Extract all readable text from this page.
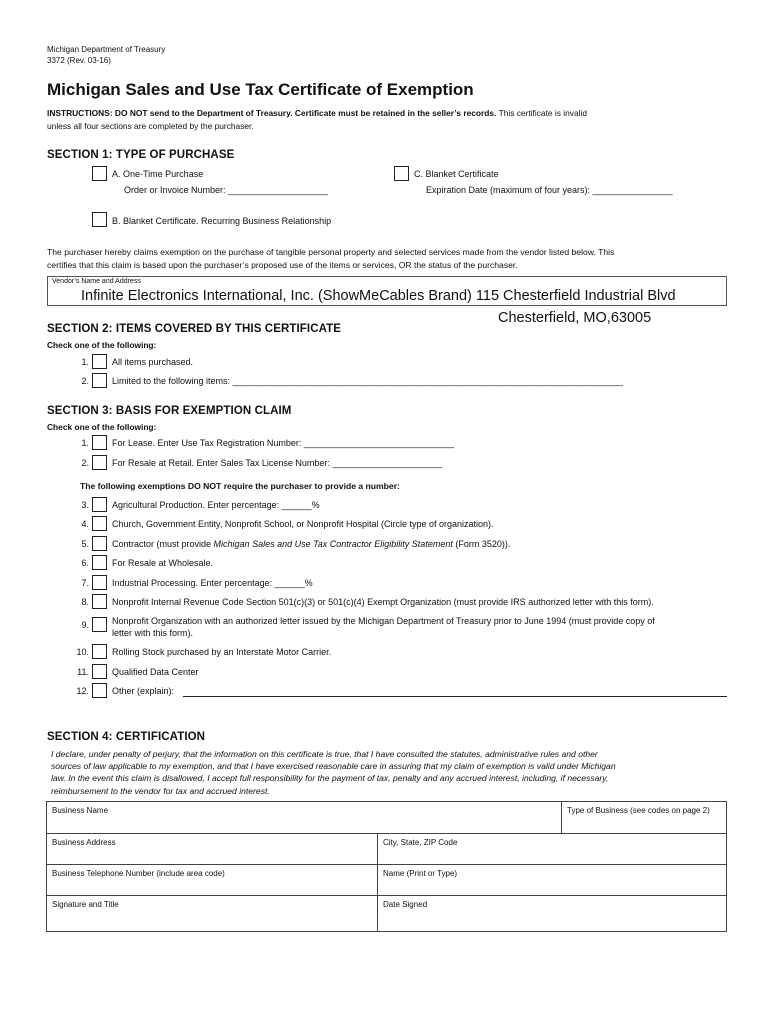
Michigan Department of Treasury
3372 (Rev. 03-16)
Michigan Sales and Use Tax Certificate of Exemption
INSTRUCTIONS: DO NOT send to the Department of Treasury. Certificate must be retained in the seller’s records. This certificate is invalid
unless all four sections are completed by the purchaser.
SECTION 1: TYPE OF PURCHASE
A. One-Time Purchase
Order or Invoice Number: ____________________
C. Blanket Certificate
Expiration Date (maximum of four years): ________________
B. Blanket Certificate. Recurring Business Relationship
The purchaser hereby claims exemption on the purchase of tangible personal property and selected services made from the vendor listed below. This
certifies that this claim is based upon the purchaser’s proposed use of the items or services, OR the status of the purchaser.
Vendor’s Name and Address
Infinite Electronics International, Inc. (ShowMeCables Brand) 115 Chesterfield Industrial Blvd
Chesterfield, MO,63005
SECTION 2: ITEMS COVERED BY THIS CERTIFICATE
Check one of the following:
1.	All items purchased.
2.	Limited to the following items: ______________________________________________________________________________
SECTION 3: BASIS FOR EXEMPTION CLAIM
Check one of the following:
1.	For Lease. Enter Use Tax Registration Number: ______________________________
2.	For Resale at Retail. Enter Sales Tax License Number: ______________________
The following exemptions DO NOT require the purchaser to provide a number:
3.	Agricultural Production. Enter percentage: ______%
4.	Church, Government Entity, Nonprofit School, or Nonprofit Hospital (Circle type of organization).
5.	Contractor (must provide Michigan Sales and Use Tax Contractor Eligibility Statement (Form 3520)).
6.	For Resale at Wholesale.
7.	Industrial Processing. Enter percentage: ______%
8.	Nonprofit Internal Revenue Code Section 501(c)(3) or 501(c)(4) Exempt Organization (must provide IRS authorized letter with this form).
9.	Nonprofit Organization with an authorized letter issued by the Michigan Department of Treasury prior to June 1994 (must provide copy of
letter with this form).
10.	Rolling Stock purchased by an Interstate Motor Carrier.
11.	Qualified Data Center
12.	Other (explain):
SECTION 4: CERTIFICATION
I declare, under penalty of perjury, that the information on this certificate is true, that I have consulted the statutes, administrative rules and other
sources of law applicable to my exemption, and that I have exercised reasonable care in assuring that my claim of exemption is valid under Michigan
law. In the event this claim is disallowed, I accept full responsibility for the payment of tax, penalty and any accrued interest, including, if necessary,
reimbursement to the vendor for tax and accrued interest.
Business Name	Type of Business (see codes on page 2)
Business Address	City, State, ZIP Code
Business Telephone Number (include area code)	Name (Print or Type)
Signature and Title	Date Signed
